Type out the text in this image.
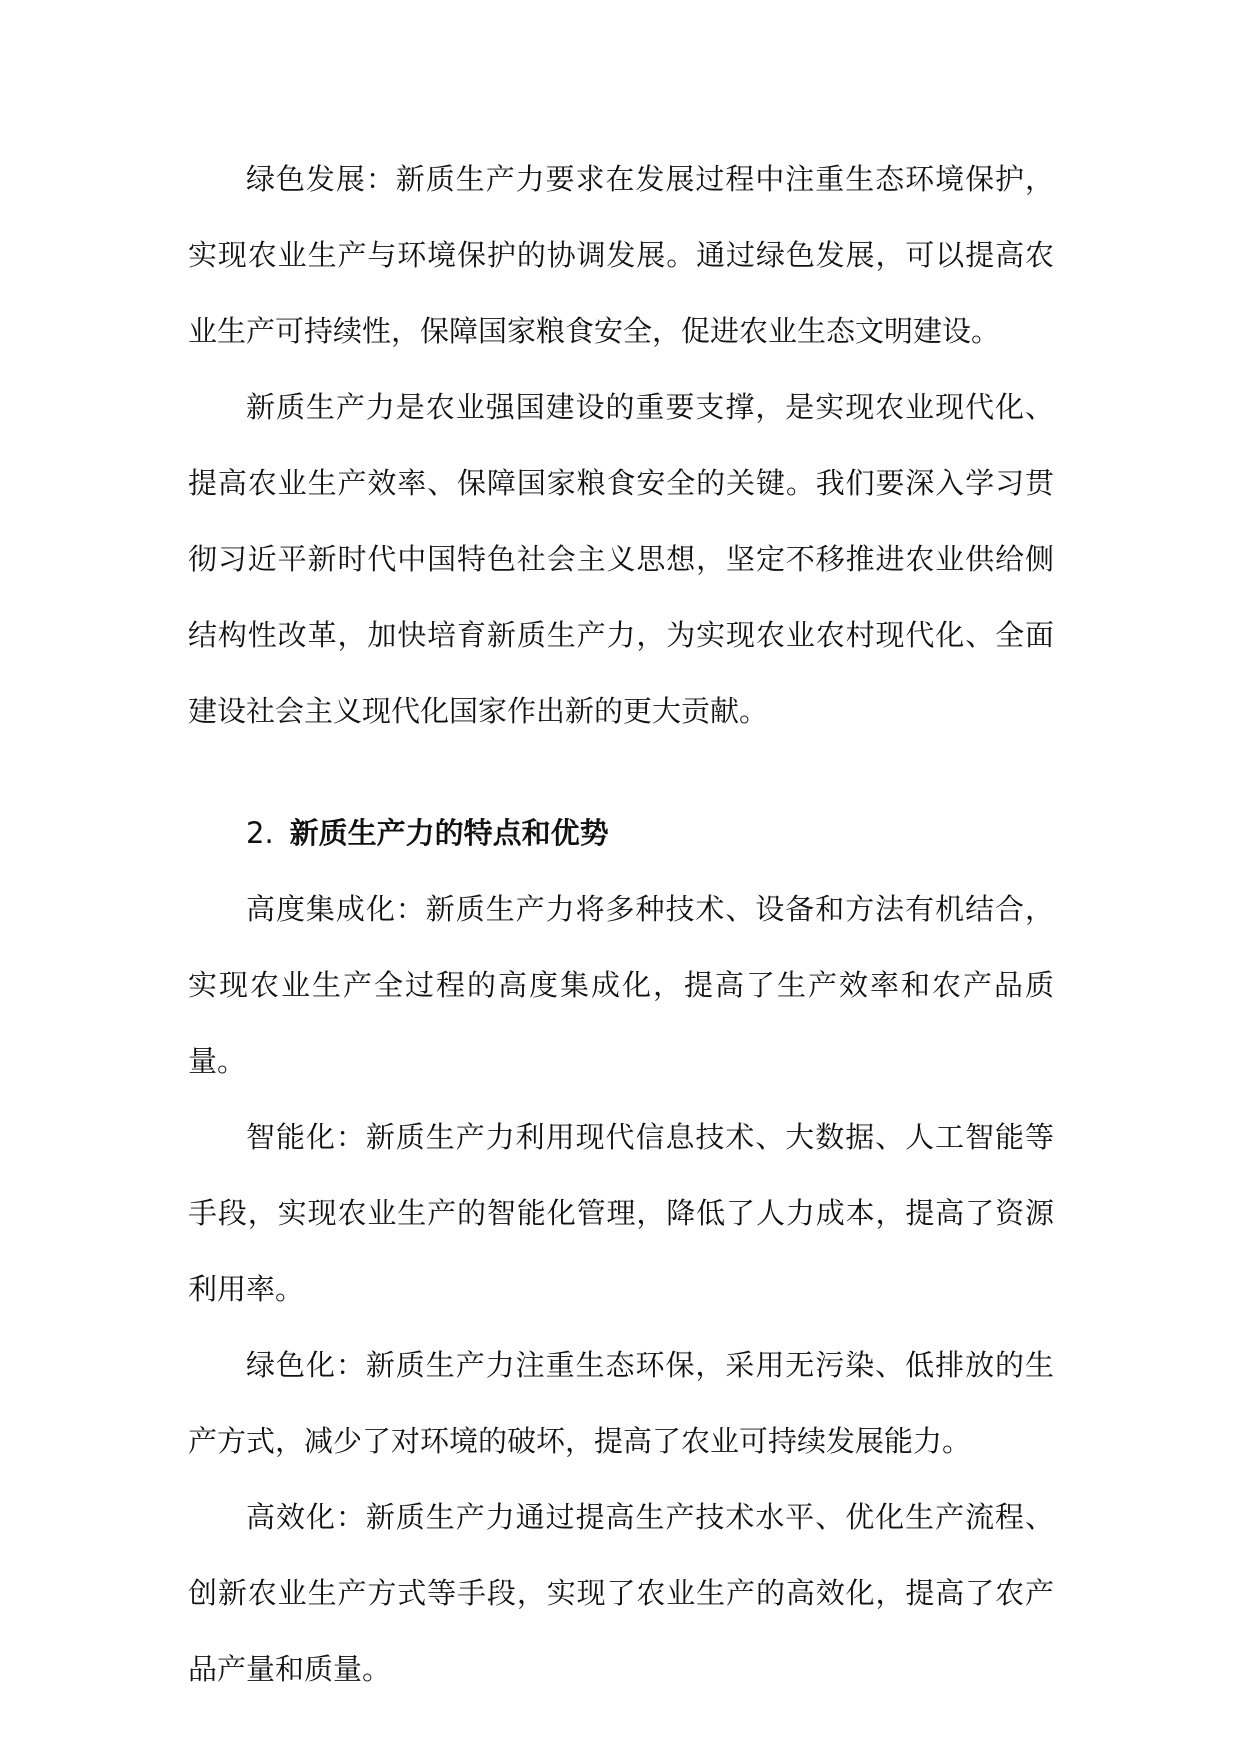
绿色发展：新质生产力要求在发展过程中注重生态环境保护，实现农业生产与环境保护的协调发展。通过绿色发展，可以提高农业生产可持续性，保障国家粮食安全，促进农业生态文明建设。

新质生产力是农业强国建设的重要支撑，是实现农业现代化、提高农业生产效率、保障国家粮食安全的关键。我们要深入学习贯彻习近平新时代中国特色社会主义思想，坚定不移推进农业供给侧结构性改革，加快培育新质生产力，为实现农业农村现代化、全面建设社会主义现代化国家作出新的更大贡献。

2. 新质生产力的特点和优势

高度集成化：新质生产力将多种技术、设备和方法有机结合，实现农业生产全过程的高度集成化，提高了生产效率和农产品质量。

智能化：新质生产力利用现代信息技术、大数据、人工智能等手段，实现农业生产的智能化管理，降低了人力成本，提高了资源利用率。

绿色化：新质生产力注重生态环保，采用无污染、低排放的生产方式，减少了对环境的破坏，提高了农业可持续发展能力。

高效化：新质生产力通过提高生产技术水平、优化生产流程、创新农业生产方式等手段，实现了农业生产的高效化，提高了农产品产量和质量。
